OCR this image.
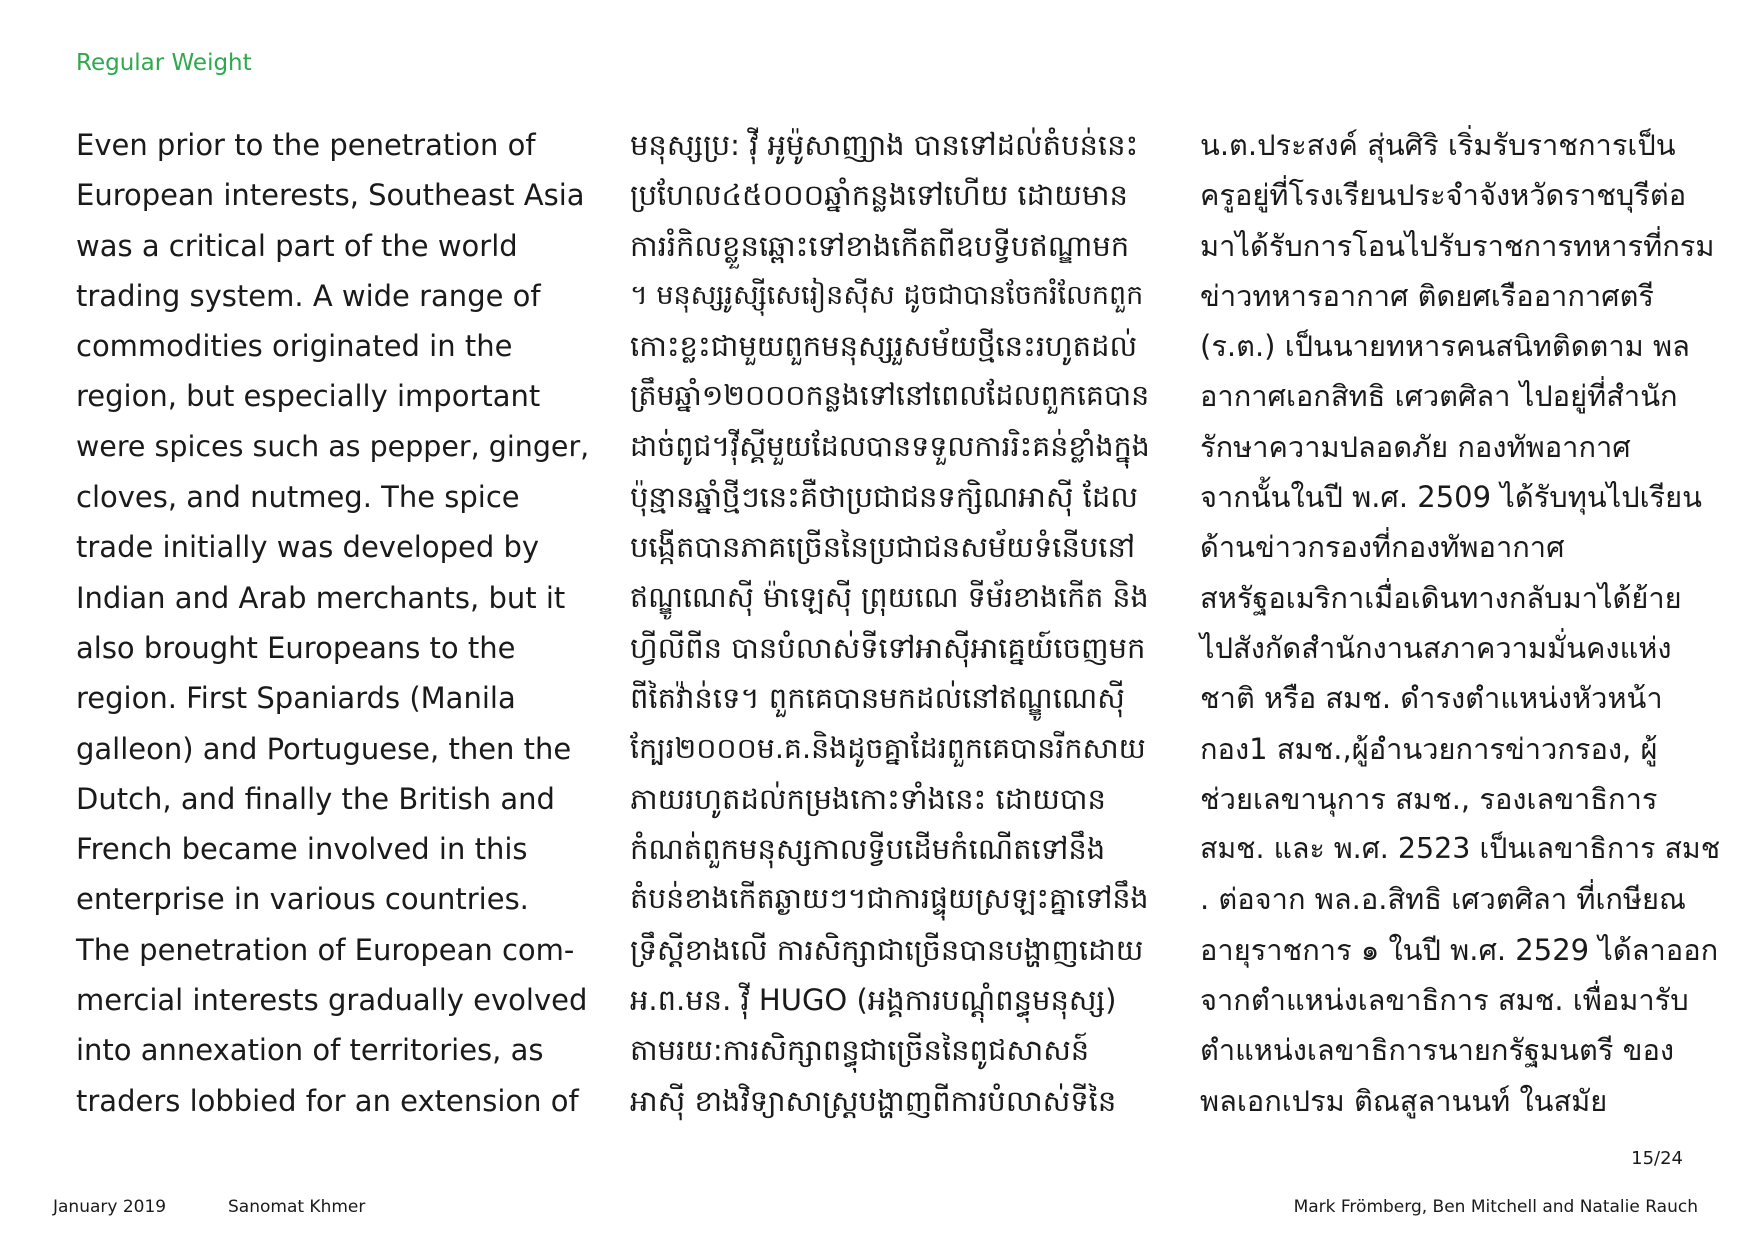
Regular Weight
Even prior to the penetration of
European interests, Southeast Asia
was a critical part of the world
trading system. A wide range of
commodities originated in the
region, but especially important
were spices such as pepper, ginger,
cloves, and nutmeg. The spice
trade initially was developed by
Indian and Arab merchants, but it
also brought Europeans to the
region. First Spaniards (Manila
galleon) and Portuguese, then the
Dutch, and finally the British and
French became involved in this
enterprise in various countries.
The penetration of European com-
mercial interests gradually evolved
into annexation of territories, as
traders lobbied for an extension of
មនុស្សប្រ: វ៉ី អូម៉ូសាញ្យាង បានទៅដល់តំបន់នេះ
ប្រហែល៤៥០០០ឆ្នាំកន្លងទៅហើយ ដោយមាន
ការរំកិលខ្លួនឆ្ពោះទៅខាងកើតពីឧបទ្វីបឥណ្ឌាមក
។ មនុស្សរូស្ស៊ីសេរៀនស៊ីស ដូចជាបានចែករំលែកពួក
កោះខ្លះជាមួយពួកមនុស្សរួសម័យថ្មីនេះរហូតដល់
ត្រឹមឆ្នាំ១២០០០កន្លងទៅនៅពេលដែលពួកគេបាន
ដាច់ពូជ។វ៉ីស្គីមួយដែលបានទទួលការរិះគន់ខ្លាំងក្នុង
ប៉ុន្មានឆ្នាំថ្មីៗនេះគឺថាប្រជាជនទក្សិណអាស៊ី ដែល
បង្កើតបានភាគច្រើននៃប្រជាជនសម័យទំនើបនៅ
ឥណ្ឌូណេស៊ី ម៉ាឡេស៊ី ព្រុយណេ ទីម័រខាងកើត និង
ហ្វីលីពីន បានបំលាស់ទីទៅអាស៊ីអាគ្នេយ៍ចេញមក
ពីតៃវ៉ាន់ទេ។ ពួកគេបានមកដល់នៅឥណ្ឌូណេស៊ី
ក្បែរ២០០០ម.គ.និងដូចគ្នាដែរពួកគេបានរីកសាយ
ភាយរហូតដល់កម្រងកោះទាំងនេះ ដោយបាន
កំណត់ពួកមនុស្សកាលទ្វីបដើមកំណើតទៅនឹង
តំបន់ខាងកើតឆ្ងាយៗ។ជាការផ្ទុយស្រឡះគ្នាទៅនឹង
ទ្រឹស្តីខាងលើ ការសិក្សាជាច្រើនបានបង្ហាញដោយ
អ.ព.មន. វ៉ី HUGO (អង្គការបណ្ដុំពន្ធុមនុស្ស)
តាមរយ:ការសិក្សាពន្ធុជាច្រើននៃពូជសាសន៍
អាស៊ី ខាងវិទ្យាសាស្ត្របង្ហាញពីការបំលាស់ទីនៃ
น.ต.ประสงค์ สุ่นศิริ เริ่มรับราชการเป็น
ครูอยู่ที่โรงเรียนประจำจังหวัดราชบุรีต่อ
มาได้รับการโอนไปรับราชการทหารที่กรม
ข่าวทหารอากาศ ติดยศเรืออากาศตรี
(ร.ต.) เป็นนายทหารคนสนิทติดตาม พล
อากาศเอกสิทธิ เศวตศิลา ไปอยู่ที่สำนัก
รักษาความปลอดภัย กองทัพอากาศ
จากนั้นในปี พ.ศ. 2509 ได้รับทุนไปเรียน
ด้านข่าวกรองที่กองทัพอากาศ
สหรัฐอเมริกาเมื่อเดินทางกลับมาได้ย้าย
ไปสังกัดสำนักงานสภาความมั่นคงแห่ง
ชาติ หรือ สมช. ดำรงตำแหน่งหัวหน้า
กอง1 สมช.,ผู้อำนวยการข่าวกรอง, ผู้
ช่วยเลขานุการ สมช., รองเลขาธิการ
สมช. และ พ.ศ. 2523 เป็นเลขาธิการ สมช
. ต่อจาก พล.อ.สิทธิ เศวตศิลา ที่เกษียณ
อายุราชการ ๑ ในปี พ.ศ. 2529 ได้ลาออก
จากตำแหน่งเลขาธิการ สมช. เพื่อมารับ
ตำแหน่งเลขาธิการนายกรัฐมนตรี ของ
พลเอกเปรม ติณสูลานนท์ ในสมัย
15/24
January 2019	Sanomat Khmer	Mark Frömberg, Ben Mitchell and Natalie Rauch
